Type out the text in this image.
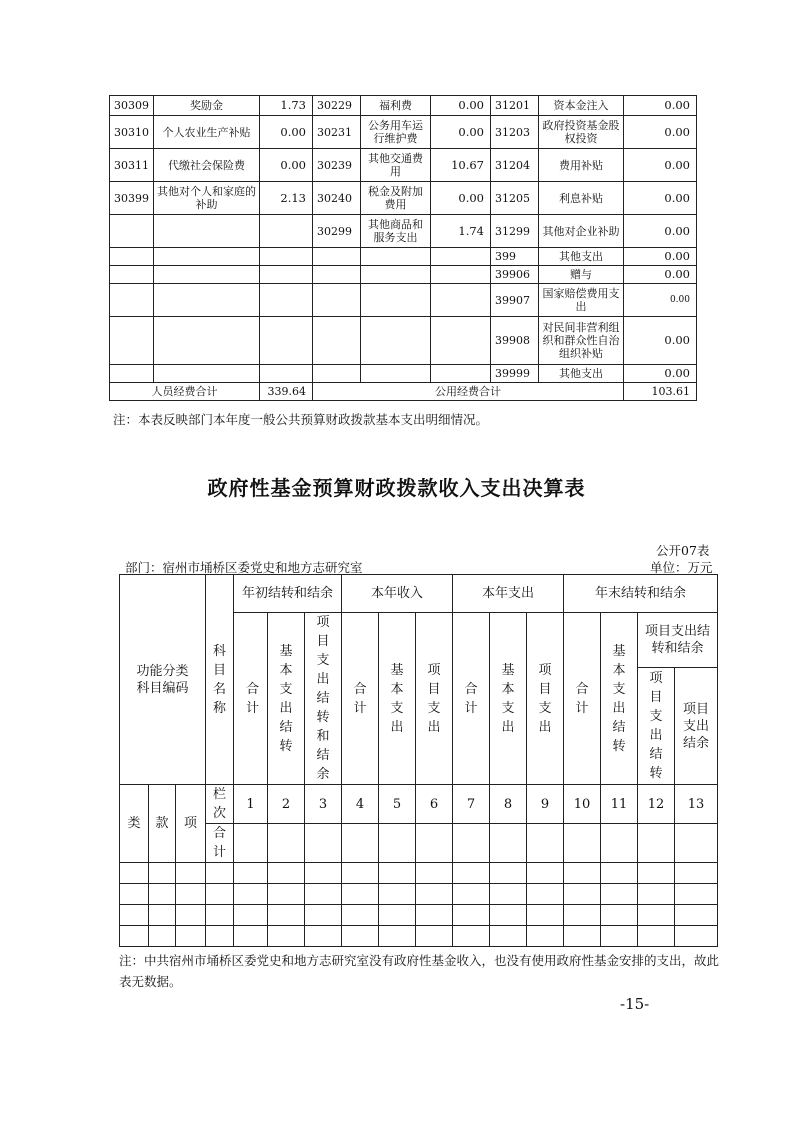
30309	奖励金	1.73	30229	福利费	0.00	31201	资本金注入	0.00
30310	个人农业生产补贴	0.00	30231	公务用车运行维护费	0.00	31203	政府投资基金股权投资	0.00
30311	代缴社会保险费	0.00	30239	其他交通费用	10.67	31204	费用补贴	0.00
30399	其他对个人和家庭的补助	2.13	30240	税金及附加费用	0.00	31205	利息补贴	0.00
			30299	其他商品和服务支出	1.74	31299	其他对企业补助	0.00
						399	其他支出	0.00
						39906	赠与	0.00
						39907	国家赔偿费用支出	0.00
						39908	对民间非营利组织和群众性自治组织补贴	0.00
						39999	其他支出	0.00
人员经费合计		339.64	公用经费合计					103.61

注：本表反映部门本年度一般公共预算财政拨款基本支出明细情况。

政府性基金预算财政拨款收入支出决算表
公开07表
部门：宿州市埇桥区委党史和地方志研究室	单位：万元
功能分类科目编码			科目名称	年初结转和结余			本年收入			本年支出			年末结转和结余			
				合计	基本支出结转	项目支出结转和结余	合计	基本支出	项目支出	合计	基本支出	项目支出	合计	基本支出结转	项目支出结转和结余	
															项目支出结转	项目支出结余

类	款	项	栏次	1	2	3	4	5	6	7	8	9	10	11	12	13
			合计													

注：中共宿州市埇桥区委党史和地方志研究室没有政府性基金收入，也没有使用政府性基金安排的支出，故此表无数据。

-15-
